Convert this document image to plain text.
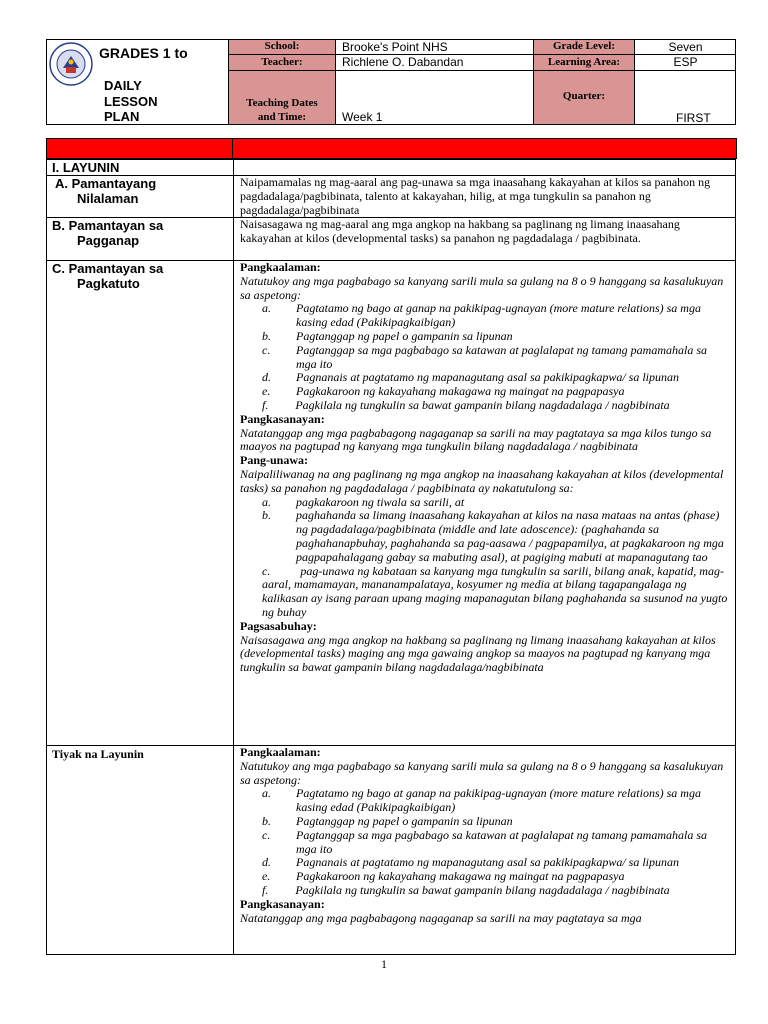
GRADES 1 to
DAILY
LESSON
PLAN
School:
Teacher:
Teaching Dates
and Time:
Grade Level:
Learning Area:
Quarter:
Brooke's Point NHS
Richlene O. Dabandan
Week 1
Seven
ESP
FIRST
I. LAYUNIN
A. Pamantayang
Nilalaman
B. Pamantayan sa
Pagganap
C. Pamantayan sa
Pagkatuto
Tiyak na Layunin
Naipamamalas ng mag-aaral ang pag-unawa sa mga inaasahang kakayahan at kilos sa panahon ng pagdadalaga/pagbibinata, talento at kakayahan, hilig, at mga tungkulin sa panahon ng pagdadalaga/pagbibinata
Naisasagawa ng mag-aaral ang mga angkop na hakbang sa paglinang ng limang inaasahang kakayahan at kilos (developmental tasks) sa panahon ng pagdadalaga / pagbibinata.

Pangkaalaman:

Natutukoy ang mga pagbabago sa kanyang sarili mula sa gulang na 8 o 9 hanggang sa kasalukuyan sa aspetong:

a. Pagtatamo ng bago at ganap na pakikipag-ugnayan (more mature relations) sa mga kasing edad (Pakikipagkaibigan)
b. Pagtanggap ng papel o gampanin sa lipunan
c. Pagtanggap sa mga pagbabago sa katawan at paglalapat ng tamang pamamahala sa mga ito
d. Pagnanais at pagtatamo ng mapanagutang asal sa pakikipagkapwa/ sa lipunan
e. Pagkakaroon ng kakayahang makagawa ng maingat na pagpapasya

f. Pagkilala ng tungkulin sa bawat gampanin bilang nagdadalaga / nagbibinata

Pangkasanayan:

Natatanggap ang mga pagbabagong nagaganap sa sarili na may pagtataya sa mga kilos tungo sa maayos na pagtupad ng kanyang mga tungkulin bilang nagdadalaga / nagbibinata

Pang-unawa:

Naipaliliwanag na ang paglinang ng mga angkop na inaasahang kakayahan at kilos (developmental tasks) sa panahon ng pagdadalaga / pagbibinata ay nakatutulong sa:

a. pagkakaroon ng tiwala sa sarili, at
b. paghahanda sa limang inaasahang kakayahan at kilos na nasa mataas na antas (phase) ng pagdadalaga/pagbibinata (middle and late adoscence): (paghahanda sa paghahanapbuhay, paghahanda sa pag-aasawa / pagpapamilya, at pagkakaroon ng mga pagpapahalagang gabay sa mabuting asal), at pagiging mabuti at mapanagutang tao

c.	pag-unawa ng kabataan sa kanyang mga tungkulin sa sarili, bilang anak, kapatid, mag-aaral, mamamayan, mananampalataya, kosyumer ng media at bilang tagapangalaga ng kalikasan ay isang paraan upang maging mapanagutan bilang paghahanda sa susunod na yugto ng buhay

Pagsasabuhay:

Naisasagawa ang mga angkop na hakbang sa paglinang ng limang inaasahang kakayahan at kilos (developmental tasks) maging ang mga gawaing angkop sa maayos na pagtupad ng kanyang mga tungkulin sa bawat gampanin bilang nagdadalaga/nagbibinata

Pangkaalaman:

Natutukoy ang mga pagbabago sa kanyang sarili mula sa gulang na 8 o 9 hanggang sa kasalukuyan sa aspetong:

a. Pagtatamo ng bago at ganap na pakikipag-ugnayan (more mature relations) sa mga kasing edad (Pakikipagkaibigan)
b. Pagtanggap ng papel o gampanin sa lipunan
c. Pagtanggap sa mga pagbabago sa katawan at paglalapat ng tamang pamamahala sa mga ito
d. Pagnanais at pagtatamo ng mapanagutang asal sa pakikipagkapwa/ sa lipunan
e. Pagkakaroon ng kakayahang makagawa ng maingat na pagpapasya

f. Pagkilala ng tungkulin sa bawat gampanin bilang nagdadalaga / nagbibinata

Pangkasanayan:

Natatanggap ang mga pagbabagong nagaganap sa sarili na may pagtataya sa mga

1
